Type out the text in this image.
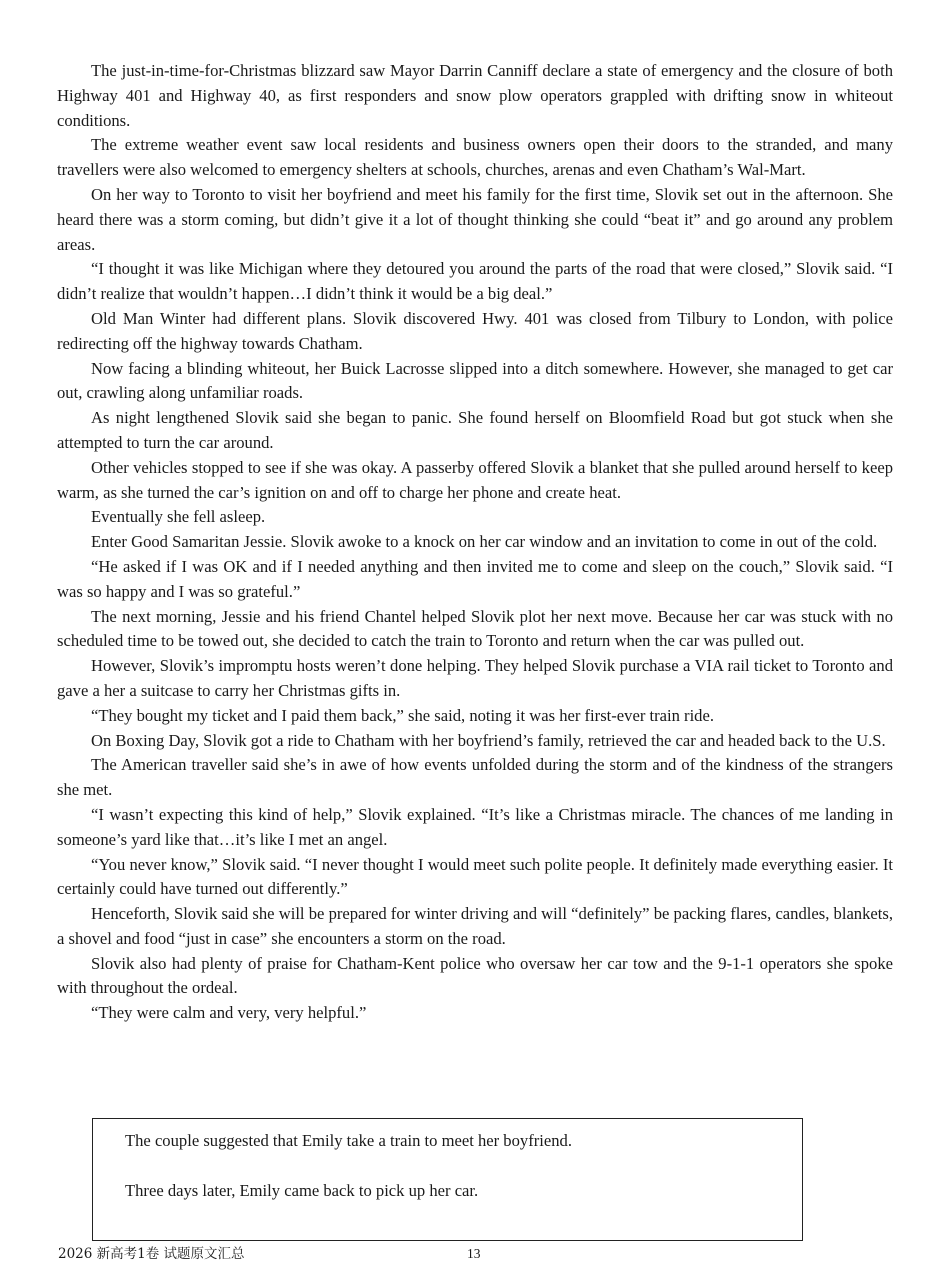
The just-in-time-for-Christmas blizzard saw Mayor Darrin Canniff declare a state of emergency and the closure of both Highway 401 and Highway 40, as first responders and snow plow operators grappled with drifting snow in whiteout conditions.

The extreme weather event saw local residents and business owners open their doors to the stranded, and many travellers were also welcomed to emergency shelters at schools, churches, arenas and even Chatham’s Wal-Mart.

On her way to Toronto to visit her boyfriend and meet his family for the first time, Slovik set out in the afternoon. She heard there was a storm coming, but didn’t give it a lot of thought thinking she could “beat it” and go around any problem areas.

“I thought it was like Michigan where they detoured you around the parts of the road that were closed,” Slovik said. “I didn’t realize that wouldn’t happen…I didn’t think it would be a big deal.”

Old Man Winter had different plans. Slovik discovered Hwy. 401 was closed from Tilbury to London, with police redirecting off the highway towards Chatham.

Now facing a blinding whiteout, her Buick Lacrosse slipped into a ditch somewhere. However, she managed to get car out, crawling along unfamiliar roads.

As night lengthened Slovik said she began to panic. She found herself on Bloomfield Road but got stuck when she attempted to turn the car around.

Other vehicles stopped to see if she was okay. A passerby offered Slovik a blanket that she pulled around herself to keep warm, as she turned the car’s ignition on and off to charge her phone and create heat.

Eventually she fell asleep.

Enter Good Samaritan Jessie. Slovik awoke to a knock on her car window and an invitation to come in out of the cold.

“He asked if I was OK and if I needed anything and then invited me to come and sleep on the couch,” Slovik said. “I was so happy and I was so grateful.”

The next morning, Jessie and his friend Chantel helped Slovik plot her next move. Because her car was stuck with no scheduled time to be towed out, she decided to catch the train to Toronto and return when the car was pulled out.

However, Slovik’s impromptu hosts weren’t done helping. They helped Slovik purchase a VIA rail ticket to Toronto and gave a her a suitcase to carry her Christmas gifts in.

“They bought my ticket and I paid them back,” she said, noting it was her first-ever train ride.

On Boxing Day, Slovik got a ride to Chatham with her boyfriend’s family, retrieved the car and headed back to the U.S.

The American traveller said she’s in awe of how events unfolded during the storm and of the kindness of the strangers she met.

“I wasn’t expecting this kind of help,” Slovik explained. “It’s like a Christmas miracle. The chances of me landing in someone’s yard like that…it’s like I met an angel.

“You never know,” Slovik said. “I never thought I would meet such polite people. It definitely made everything easier. It certainly could have turned out differently.”

Henceforth, Slovik said she will be prepared for winter driving and will “definitely” be packing flares, candles, blankets, a shovel and food “just in case” she encounters a storm on the road.

Slovik also had plenty of praise for Chatham-Kent police who oversaw her car tow and the 9-1-1 operators she spoke with throughout the ordeal.

“They were calm and very, very helpful.”

The couple suggested that Emily take a train to meet her boyfriend.

Three days later, Emily came back to pick up her car.

2026 新高考1卷 试题原文汇总	13
